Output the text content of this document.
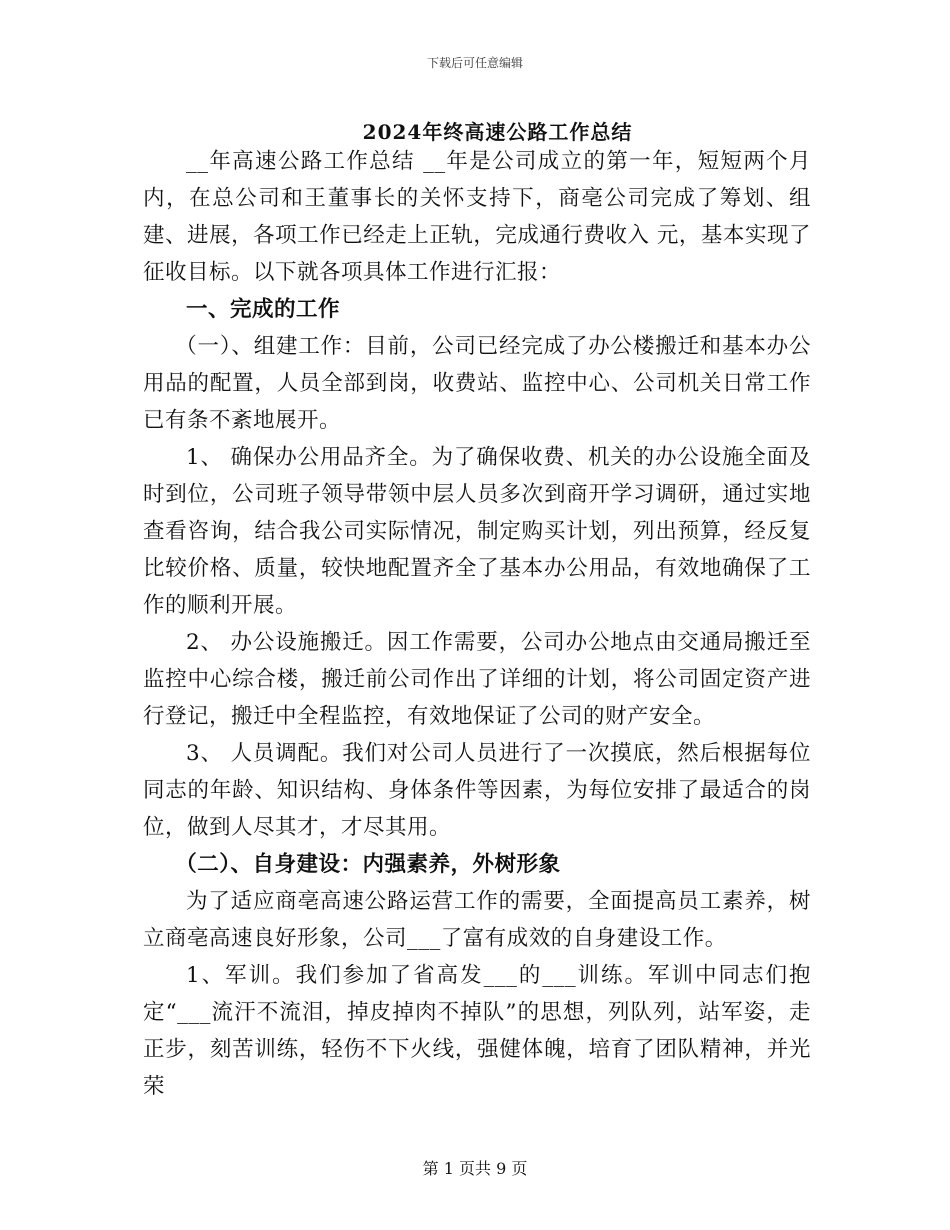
下载后可任意编辑
2024年终高速公路工作总结

__年高速公路工作总结 __年是公司成立的第一年，短短两个月内，在总公司和王董事长的关怀支持下，商亳公司完成了筹划、组建、进展，各项工作已经走上正轨，完成通行费收入 元，基本实现了征收目标。以下就各项具体工作进行汇报：

一、完成的工作

（一）、组建工作：目前，公司已经完成了办公楼搬迁和基本办公用品的配置，人员全部到岗，收费站、监控中心、公司机关日常工作已有条不紊地展开。

1、 确保办公用品齐全。为了确保收费、机关的办公设施全面及时到位，公司班子领导带领中层人员多次到商开学习调研，通过实地查看咨询，结合我公司实际情况，制定购买计划，列出预算，经反复比较价格、质量，较快地配置齐全了基本办公用品，有效地确保了工作的顺利开展。

2、 办公设施搬迁。因工作需要，公司办公地点由交通局搬迁至监控中心综合楼，搬迁前公司作出了详细的计划，将公司固定资产进行登记，搬迁中全程监控，有效地保证了公司的财产安全。

3、 人员调配。我们对公司人员进行了一次摸底，然后根据每位同志的年龄、知识结构、身体条件等因素，为每位安排了最适合的岗位，做到人尽其才，才尽其用。

（二）、自身建设：内强素养，外树形象

为了适应商亳高速公路运营工作的需要，全面提高员工素养，树立商亳高速良好形象，公司___了富有成效的自身建设工作。

1、军训。我们参加了省高发___的___训练。军训中同志们抱定“___流汗不流泪，掉皮掉肉不掉队”的思想，列队列，站军姿，走正步，刻苦训练，轻伤不下火线，强健体魄，培育了团队精神，并光荣

第 1 页共 9 页
